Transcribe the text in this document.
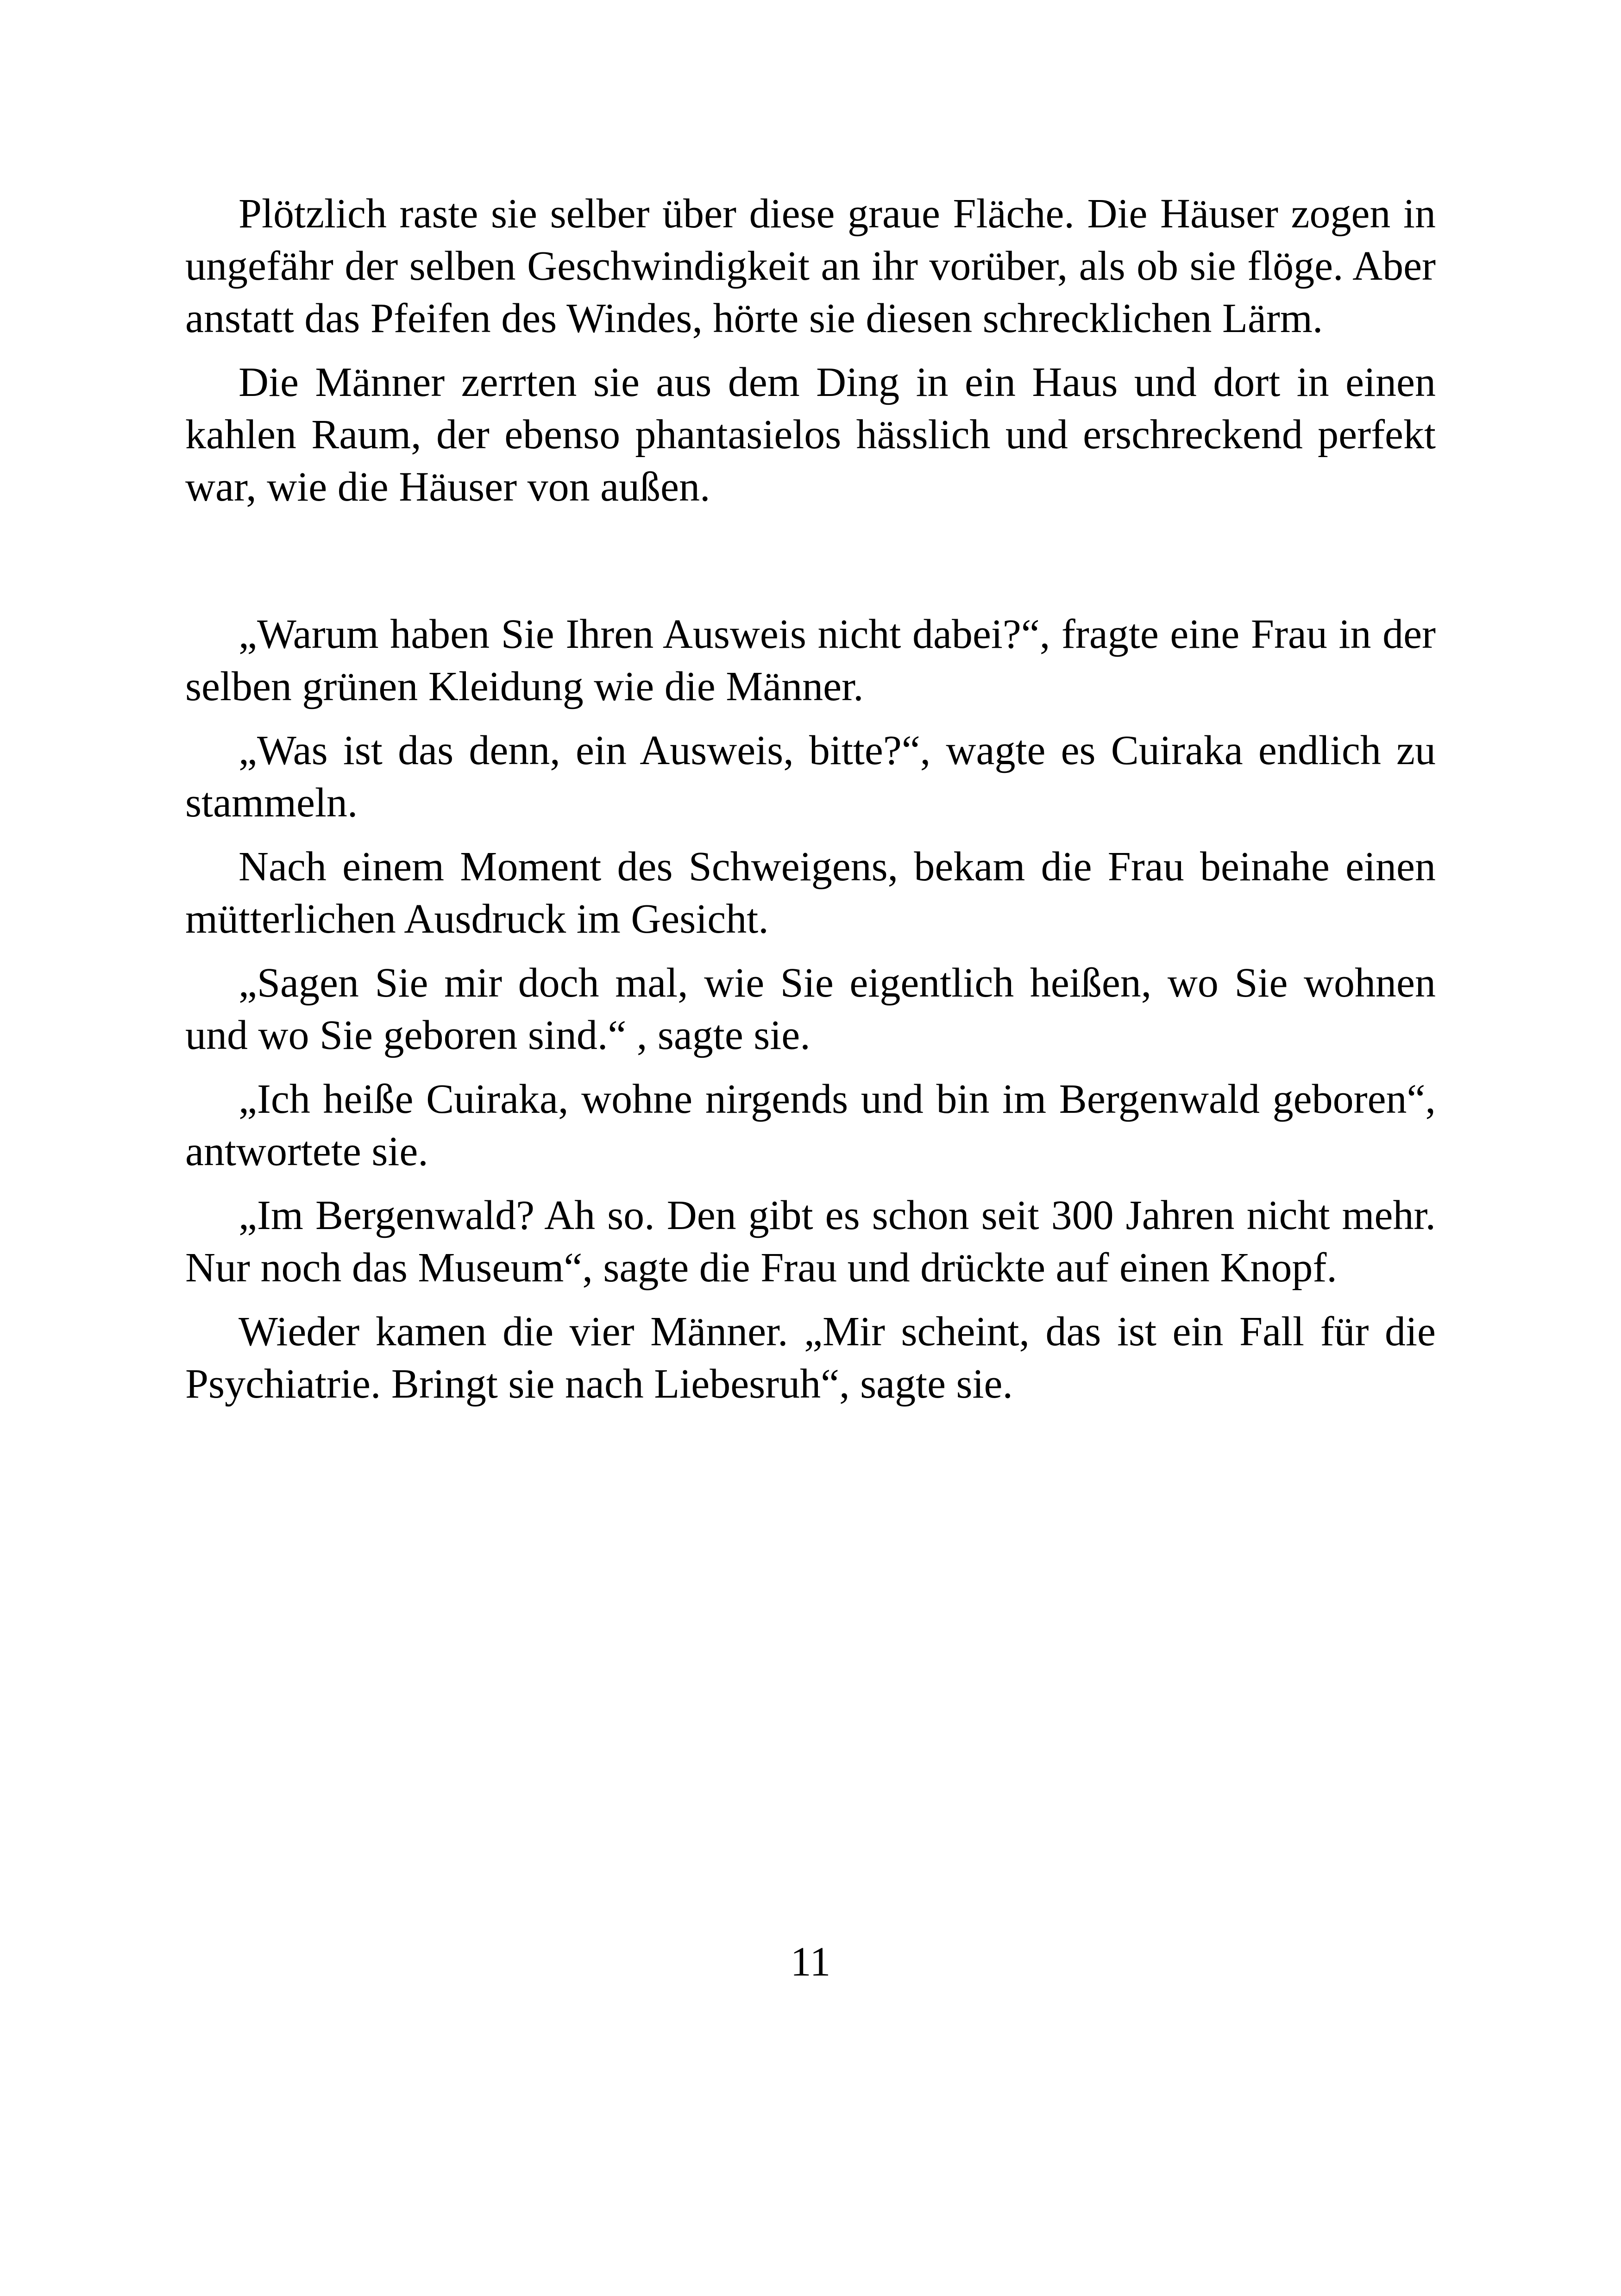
Plötzlich raste sie selber über diese graue Fläche. Die Häuser zogen in ungefähr der selben Geschwindigkeit an ihr vorüber, als ob sie flöge. Aber anstatt das Pfeifen des Windes, hörte sie diesen schrecklichen Lärm.

Die Männer zerrten sie aus dem Ding in ein Haus und dort in einen kahlen Raum, der ebenso phantasielos hässlich und erschreckend perfekt war, wie die Häuser von außen.

„Warum haben Sie Ihren Ausweis nicht dabei?“, fragte eine Frau in der selben grünen Kleidung wie die Männer.

„Was ist das denn, ein Ausweis, bitte?“, wagte es Cuiraka endlich zu stammeln.

Nach einem Moment des Schweigens, bekam die Frau beinahe einen mütterlichen Ausdruck im Gesicht.

„Sagen Sie mir doch mal, wie Sie eigentlich heißen, wo Sie wohnen und wo Sie geboren sind.“ , sagte sie.

„Ich heiße Cuiraka, wohne nirgends und bin im Bergenwald geboren“, antwortete sie.

„Im Bergenwald? Ah so. Den gibt es schon seit 300 Jahren nicht mehr. Nur noch das Museum“, sagte die Frau und drückte auf einen Knopf.

Wieder kamen die vier Männer. „Mir scheint, das ist ein Fall für die Psychiatrie. Bringt sie nach Liebesruh“, sagte sie.

11
